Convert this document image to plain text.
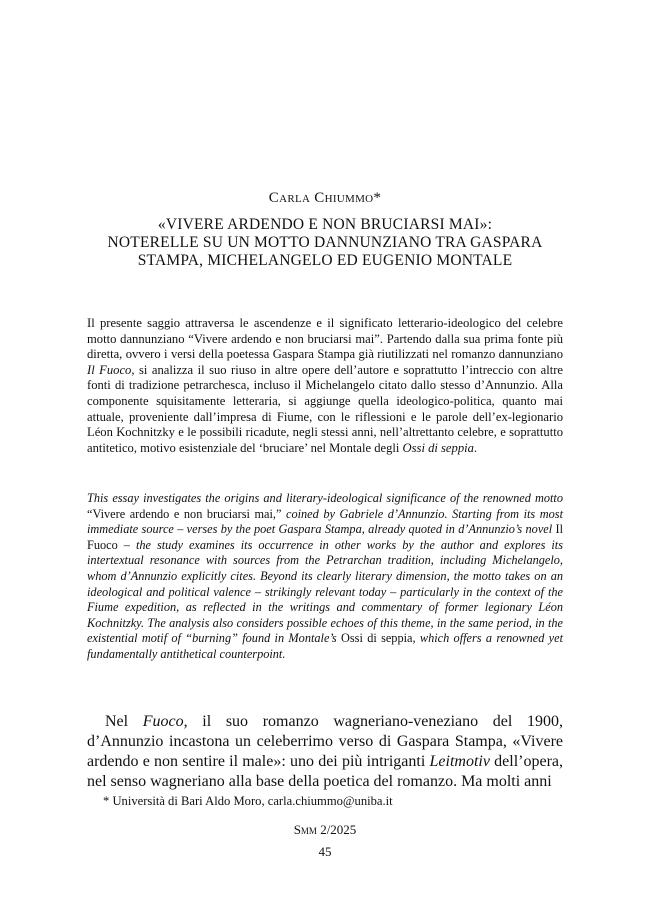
Carla Chiummo*
«VIVERE ARDENDO E NON BRUCIARSI MAI»:
NOTERELLE SU UN MOTTO DANNUNZIANO TRA GASPARA
STAMPA, MICHELANGELO ED EUGENIO MONTALE
Il presente saggio attraversa le ascendenze e il significato letterario-ideologico del celebre motto dannunziano “Vivere ardendo e non bruciarsi mai”. Partendo dalla sua prima fonte più diretta, ovvero i versi della poetessa Gaspara Stampa già riutilizzati nel romanzo dannunziano Il Fuoco, si analizza il suo riuso in altre opere dell’autore e soprattutto l’intreccio con altre fonti di tradizione petrarchesca, incluso il Michelangelo citato dallo stesso d’Annunzio. Alla componente squisitamente letteraria, si aggiunge quella ideologico-politica, quanto mai attuale, proveniente dall’impresa di Fiume, con le riflessioni e le parole dell’ex-legionario Léon Kochnitzky e le possibili ricadute, negli stessi anni, nell’altrettanto celebre, e soprattutto antitetico, motivo esistenziale del ‘bruciare’ nel Montale degli Ossi di seppia.
This essay investigates the origins and literary-ideological significance of the renowned motto “Vivere ardendo e non bruciarsi mai,” coined by Gabriele d’Annunzio. Starting from its most immediate source – verses by the poet Gaspara Stampa, already quoted in d’Annunzio’s novel Il Fuoco – the study examines its occurrence in other works by the author and explores its intertextual resonance with sources from the Petrarchan tradition, including Michelangelo, whom d’Annunzio explicitly cites. Beyond its clearly literary dimension, the motto takes on an ideological and political valence – strikingly relevant today – particularly in the context of the Fiume expedition, as reflected in the writings and commentary of former legionary Léon Kochnitzky. The analysis also considers possible echoes of this theme, in the same period, in the existential motif of “burning” found in Montale’s Ossi di seppia, which offers a renowned yet fundamentally antithetical counterpoint.

Nel Fuoco, il suo romanzo wagneriano-veneziano del 1900, d’Annunzio incastona un celeberrimo verso di Gaspara Stampa, «Vivere ardendo e non sentire il male»: uno dei più intriganti Leitmotiv dell’opera, nel senso wagneriano alla base della poetica del romanzo. Ma molti anni

* Università di Bari Aldo Moro, carla.chiummo@uniba.it
Smm 2/2025
45
